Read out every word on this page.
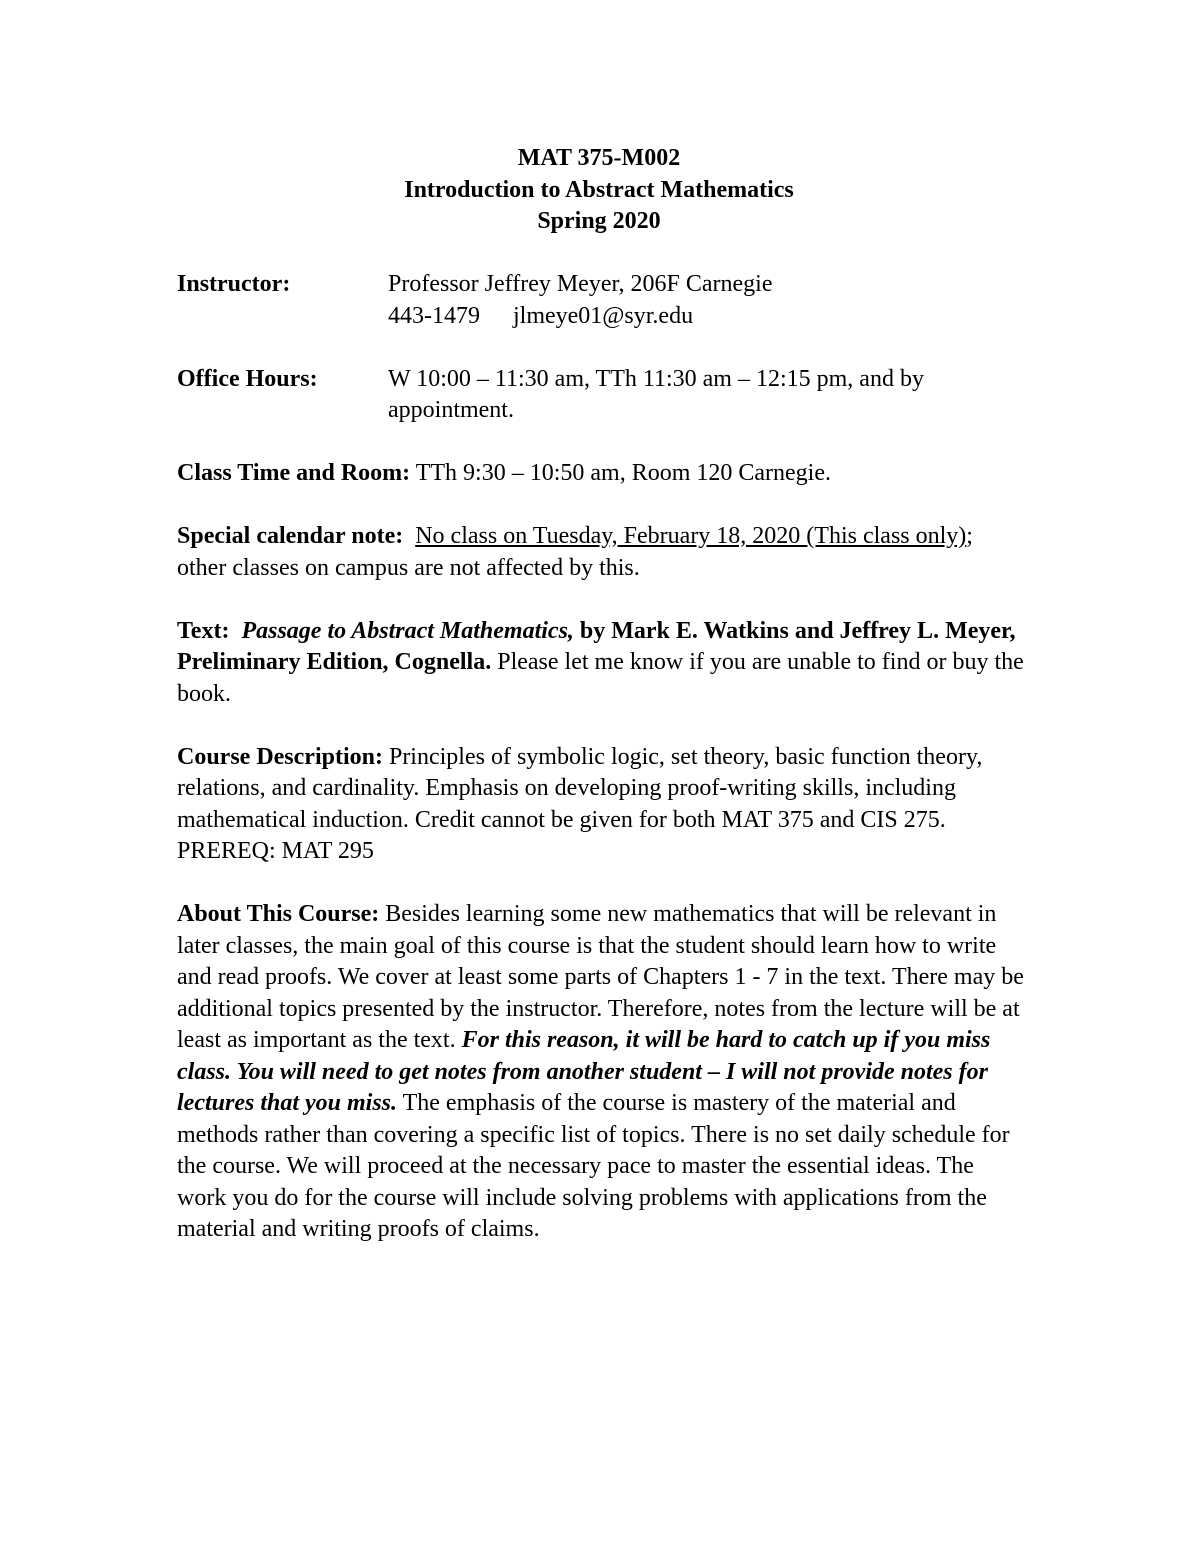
MAT 375-M002
Introduction to Abstract Mathematics
Spring 2020
Instructor:	Professor Jeffrey Meyer, 206F Carnegie
443-1479 jlmeye01@syr.edu
Office Hours:	W 10:00 – 11:30 am, TTh 11:30 am – 12:15 pm, and by
appointment.
Class Time and Room: TTh 9:30 – 10:50 am, Room 120 Carnegie.
Special calendar note: No class on Tuesday, February 18, 2020 (This class only); other classes on campus are not affected by this.
Text: Passage to Abstract Mathematics, by Mark E. Watkins and Jeffrey L. Meyer, Preliminary Edition, Cognella. Please let me know if you are unable to find or buy the book.
Course Description: Principles of symbolic logic, set theory, basic function theory, relations, and cardinality. Emphasis on developing proof-writing skills, including mathematical induction. Credit cannot be given for both MAT 375 and CIS 275.
PREREQ: MAT 295
About This Course: Besides learning some new mathematics that will be relevant in later classes, the main goal of this course is that the student should learn how to write and read proofs. We cover at least some parts of Chapters 1 - 7 in the text. There may be additional topics presented by the instructor. Therefore, notes from the lecture will be at least as important as the text. For this reason, it will be hard to catch up if you miss class. You will need to get notes from another student – I will not provide notes for lectures that you miss. The emphasis of the course is mastery of the material and methods rather than covering a specific list of topics. There is no set daily schedule for the course. We will proceed at the necessary pace to master the essential ideas. The work you do for the course will include solving problems with applications from the material and writing proofs of claims.
